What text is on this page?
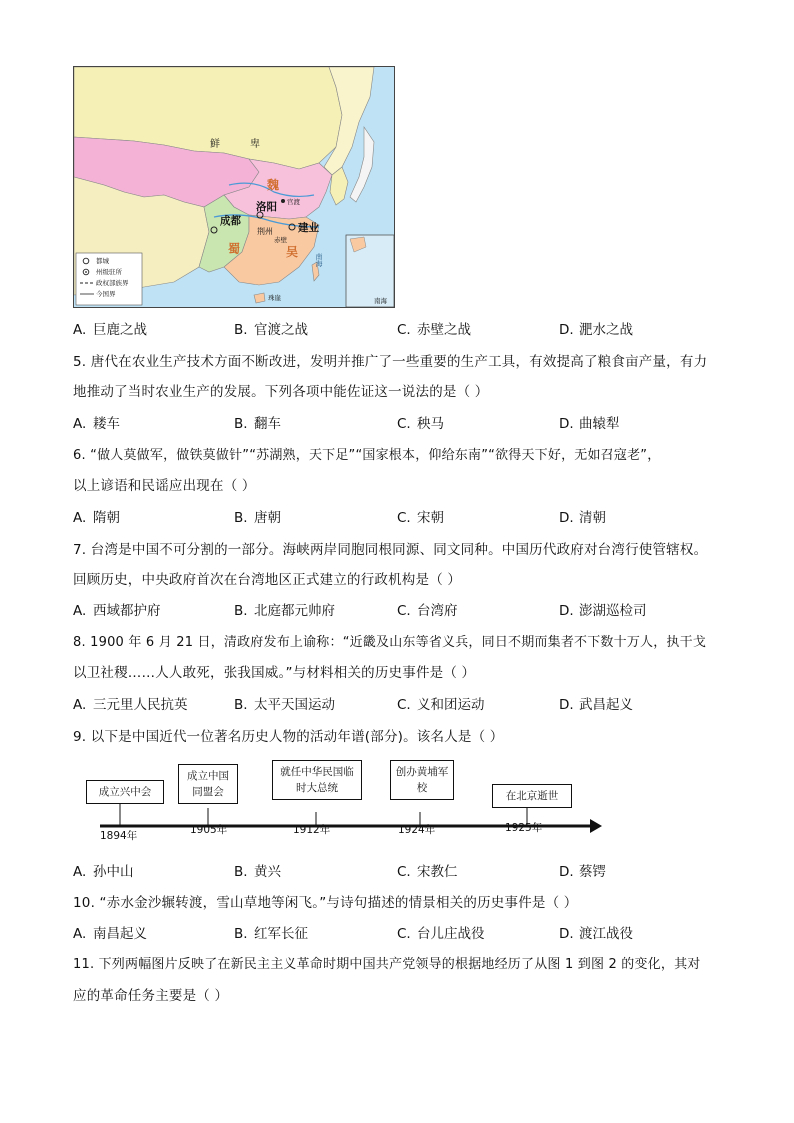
鲜	卑
魏
蜀	吴
成都
洛阳
建业
荆州
官渡
赤壁
南海
珠崖	南海
都城
州级驻所
政权部族界
今国界
A. 巨鹿之战	B. 官渡之战	C. 赤壁之战	D. 淝水之战
5. 唐代在农业生产技术方面不断改进，发明并推广了一些重要的生产工具，有效提高了粮食亩产量，有力
地推动了当时农业生产的发展。下列各项中能佐证这一说法的是（ ）
A. 耧车	B. 翻车	C. 秧马	D. 曲辕犁
6. “做人莫做军，做铁莫做针”“苏湖熟，天下足”“国家根本，仰给东南”“欲得天下好，无如召寇老”，
以上谚语和民谣应出现在（ ）
A. 隋朝	B. 唐朝	C. 宋朝	D. 清朝
7. 台湾是中国不可分割的一部分。海峡两岸同胞同根同源、同文同种。中国历代政府对台湾行使管辖权。
回顾历史，中央政府首次在台湾地区正式建立的行政机构是（ ）
A. 西域都护府	B. 北庭都元帅府	C. 台湾府	D. 澎湖巡检司
8. 1900 年 6 月 21 日，清政府发布上谕称：“近畿及山东等省义兵，同日不期而集者不下数十万人，执干戈
以卫社稷……人人敢死，张我国威。”与材料相关的历史事件是（ ）
A. 三元里人民抗英	B. 太平天国运动	C. 义和团运动	D. 武昌起义
9. 以下是中国近代一位著名历史人物的活动年谱(部分)。该名人是（ ）
成立兴中会
成立中国同盟会
就任中华民国临时大总统
创办黄埔军校
在北京逝世
1894年	1905年	1912年	1924年	1925年
A. 孙中山	B. 黄兴	C. 宋教仁	D. 蔡锷
10. “赤水金沙辗转渡，雪山草地等闲飞。”与诗句描述的情景相关的历史事件是（ ）
A. 南昌起义	B. 红军长征	C. 台儿庄战役	D. 渡江战役
11. 下列两幅图片反映了在新民主主义革命时期中国共产党领导的根据地经历了从图 1 到图 2 的变化，其对
应的革命任务主要是（ ）
